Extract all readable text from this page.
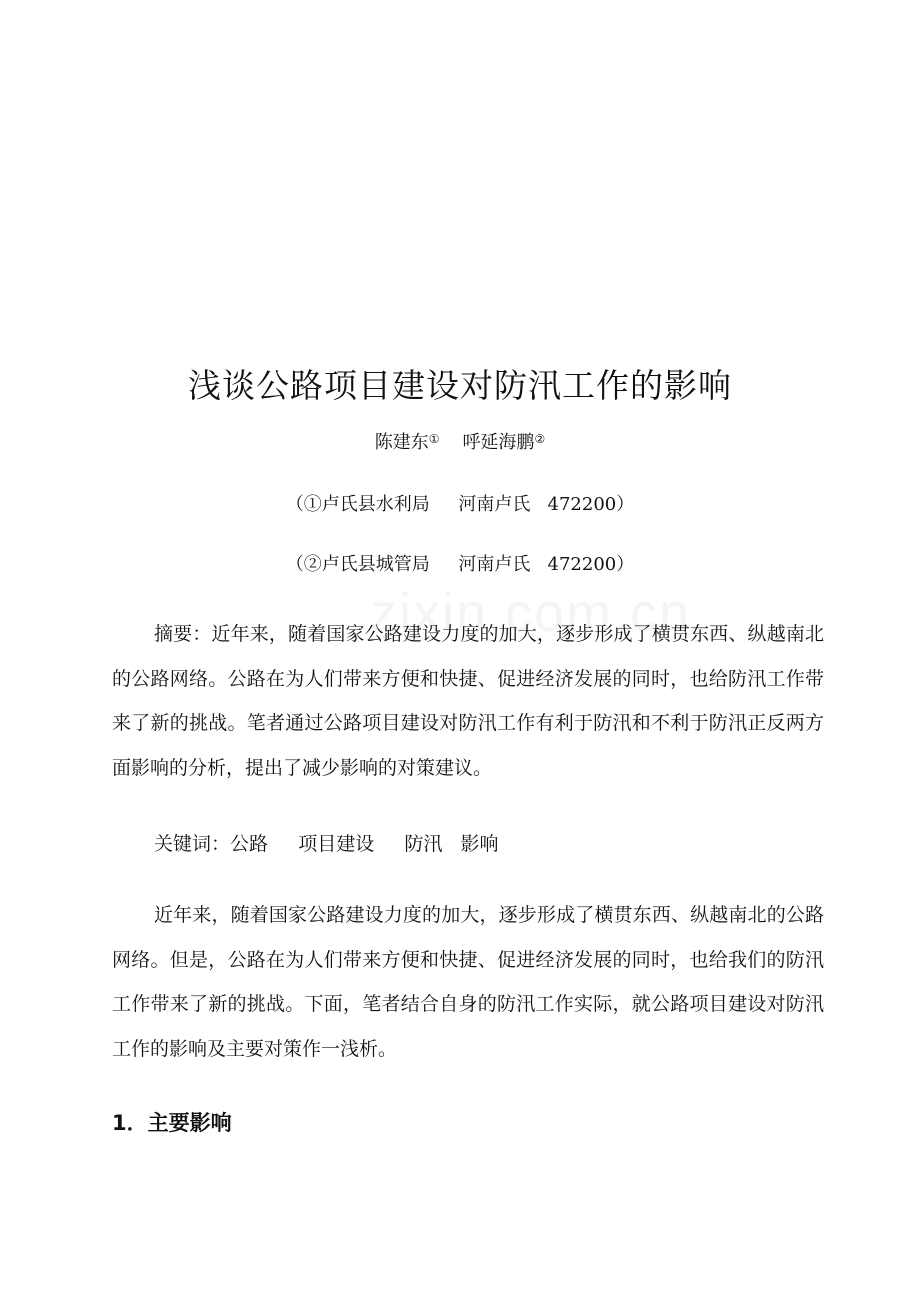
浅谈公路项目建设对防汛工作的影响
陈建东① 呼延海鹏②
（①卢氏县水利局     河南卢氏   472200）
（②卢氏县城管局     河南卢氏   472200）

摘要：近年来，随着国家公路建设力度的加大，逐步形成了横贯东西、纵越南北的公路网络。公路在为人们带来方便和快捷、促进经济发展的同时，也给防汛工作带来了新的挑战。笔者通过公路项目建设对防汛工作有利于防汛和不利于防汛正反两方面影响的分析，提出了减少影响的对策建议。

关键词：公路     项目建设     防汛   影响

近年来，随着国家公路建设力度的加大，逐步形成了横贯东西、纵越南北的公路网络。但是，公路在为人们带来方便和快捷、促进经济发展的同时，也给我们的防汛工作带来了新的挑战。下面，笔者结合自身的防汛工作实际，就公路项目建设对防汛工作的影响及主要对策作一浅析。

1．主要影响
